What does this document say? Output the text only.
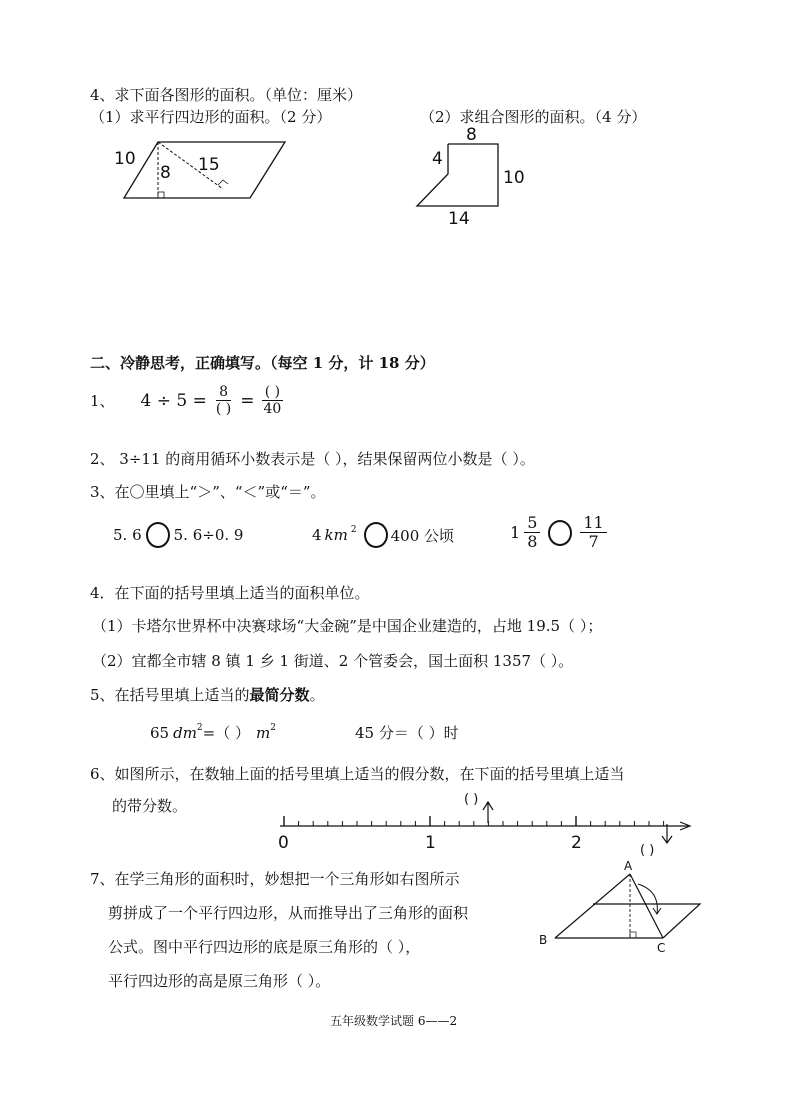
4、求下面各图形的面积。（单位：厘米）
（1）求平行四边形的面积。（2 分）	（2）求组合图形的面积。（4 分）
10
8 15
8
4
10
14
二、冷静思考，正确填写。（每空 1 分，计 18 分）
1、 $4 \div 5 = \frac{8}{( )} = \frac{( )}{40}$
2、 3÷11 的商用循环小数表示是（ ），结果保留两位小数是（ ）。
3、在〇里填上“＞”、“＜”或“＝”。
5. 6 5. 6÷0. 9	4 km $^2$ 400 公顷	$1 \frac{5}{8}$	$\frac{11}{7}$
4．在下面的括号里填上适当的面积单位。
（1）卡塔尔世界杯中决赛球场“大金碗”是中国企业建造的，占地 19.5（ ）；
（2）宜都全市辖 8 镇 1 乡 1 街道、2 个管委会，国土面积 1357（ ）。
5、在括号里填上适当的最简分数。
65 $dm^2$ =（ ） $m^2$	45 分＝（ ）时
6、如图所示，在数轴上面的括号里填上适当的假分数，在下面的括号里填上适当
的带分数。	( )
( )
0	1	2
7、在学三角形的面积时，妙想把一个三角形如右图所示
剪拼成了一个平行四边形，从而推导出了三角形的面积
公式。图中平行四边形的底是原三角形的（ ），
平行四边形的高是原三角形（ ）。
A
B
C
五年级数学试题 6——2
